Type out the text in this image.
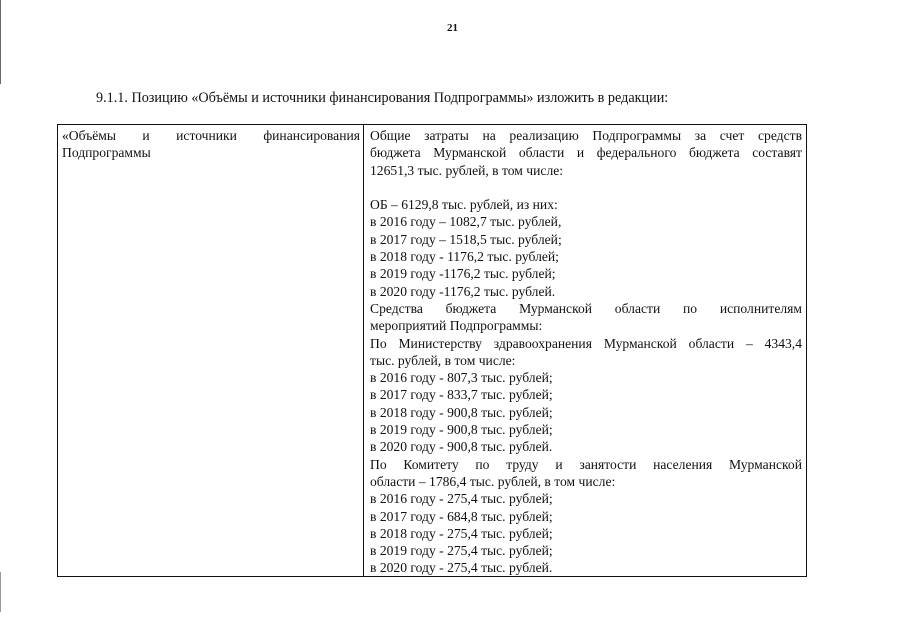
21
9.1.1. Позицию «Объёмы и источники финансирования Подпрограммы» изложить в редакции:
«Объёмы и источники финансирования
Подпрограммы
Общие затраты на реализацию Подпрограммы за счет средств
бюджета Мурманской области и федерального бюджета составят
12651,3 тыс. рублей, в том числе:
ОБ – 6129,8 тыс. рублей, из них:
в 2016 году – 1082,7 тыс. рублей,
в 2017 году – 1518,5 тыс. рублей;
в 2018 году - 1176,2 тыс. рублей;
в 2019 году -1176,2 тыс. рублей;
в 2020 году -1176,2 тыс. рублей.
Средства бюджета Мурманской области по исполнителям
мероприятий Подпрограммы:
По Министерству здравоохранения Мурманской области – 4343,4
тыс. рублей, в том числе:
в 2016 году - 807,3 тыс. рублей;
в 2017 году - 833,7 тыс. рублей;
в 2018 году - 900,8 тыс. рублей;
в 2019 году - 900,8 тыс. рублей;
в 2020 году - 900,8 тыс. рублей.
По Комитету по труду и занятости населения Мурманской
области – 1786,4 тыс. рублей, в том числе:
в 2016 году - 275,4 тыс. рублей;
в 2017 году - 684,8 тыс. рублей;
в 2018 году - 275,4 тыс. рублей;
в 2019 году - 275,4 тыс. рублей;
в 2020 году - 275,4 тыс. рублей.
